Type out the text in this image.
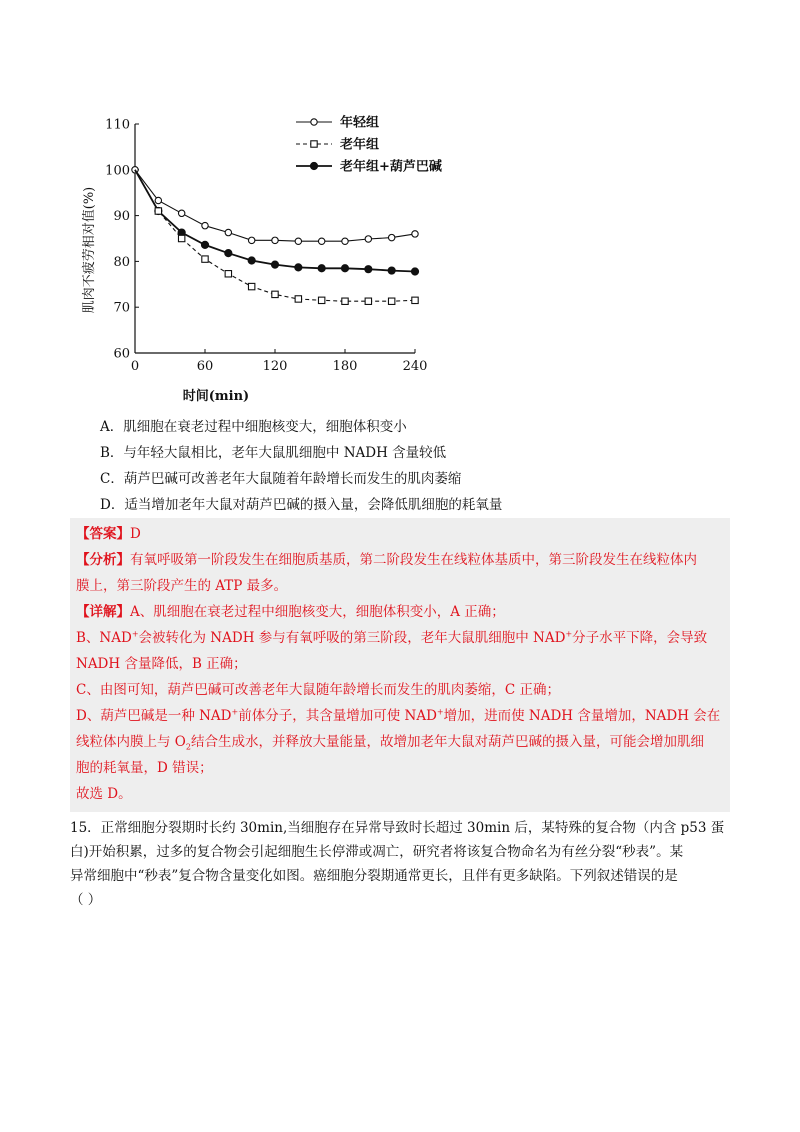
60
70
80
90
100
110
0	60	120	180	240
年轻组
老年组
老年组+葫芦巴碱
肌肉不疲劳相对值(%)
时间(min)
A．肌细胞在衰老过程中细胞核变大，细胞体积变小
B．与年轻大鼠相比，老年大鼠肌细胞中 NADH 含量较低
C．葫芦巴碱可改善老年大鼠随着年龄增长而发生的肌肉萎缩
D．适当增加老年大鼠对葫芦巴碱的摄入量，会降低肌细胞的耗氧量
【答案】D
【分析】有氧呼吸第一阶段发生在细胞质基质，第二阶段发生在线粒体基质中，第三阶段发生在线粒体内
膜上，第三阶段产生的 ATP 最多。
【详解】A、肌细胞在衰老过程中细胞核变大，细胞体积变小，A 正确；
B、NAD+会被转化为 NADH 参与有氧呼吸的第三阶段，老年大鼠肌细胞中 NAD+分子水平下降，会导致
NADH 含量降低，B 正确；
C、由图可知，葫芦巴碱可改善老年大鼠随年龄增长而发生的肌肉萎缩，C 正确；
D、葫芦巴碱是一种 NAD+前体分子，其含量增加可使 NAD+增加，进而使 NADH 含量增加，NADH 会在
线粒体内膜上与 $O_2$结合生成水，并释放大量能量，故增加老年大鼠对葫芦巴碱的摄入量，可能会增加肌细
胞的耗氧量，D 错误；
故选 D。
15．正常细胞分裂期时长约 30min,当细胞存在异常导致时长超过 30min 后，某特殊的复合物（内含 p53 蛋
白)开始积累，过多的复合物会引起细胞生长停滞或凋亡，研究者将该复合物命名为有丝分裂“秒表”。某
异常细胞中“秒表”复合物含量变化如图。癌细胞分裂期通常更长，且伴有更多缺陷。下列叙述错误的是
（ ）
